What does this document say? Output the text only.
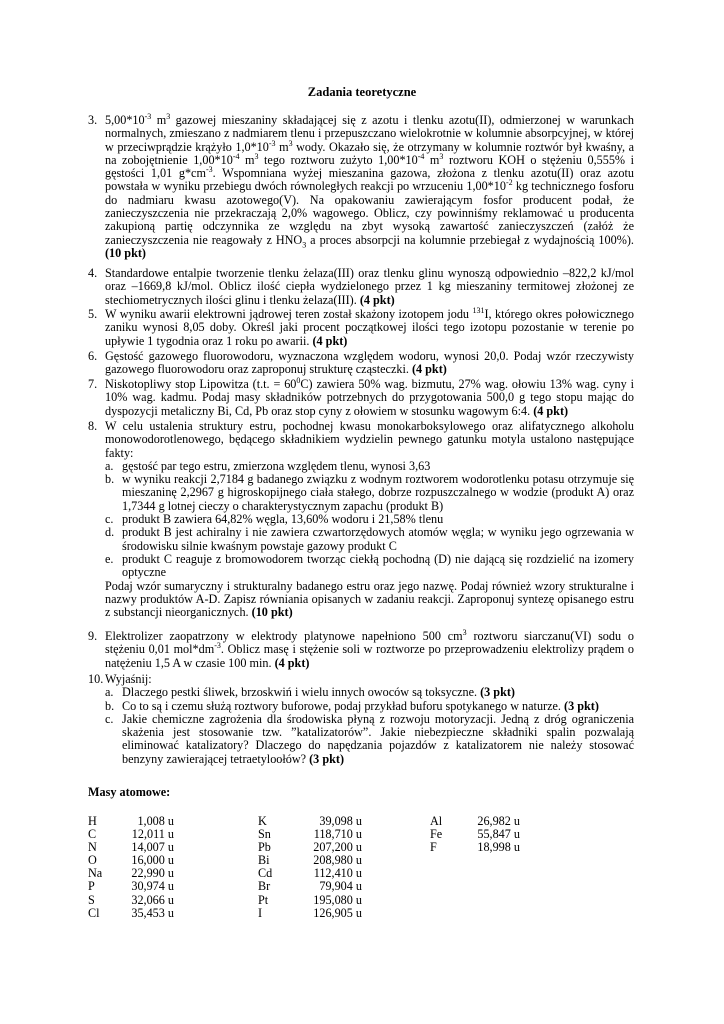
Zadania teoretyczne
3. $5,00*10^{-3}$ $m^3$ gazowej mieszaniny składającej się z azotu i tlenku azotu(II), odmierzonej w warunkach normalnych, zmieszano z nadmiarem tlenu i przepuszczano wielokrotnie w kolumnie absorpcyjnej, w której w przeciwprądzie krążyło $1,0*10^{-3}$ $m^3$ wody. Okazało się, że otrzymany w kolumnie roztwór był kwaśny, a na zobojętnienie $1,00*10^{-4}$ $m^3$ tego roztworu zużyto $1,00*10^{-4}$ $m^3$ roztworu KOH o stężeniu 0,555% i gęstości 1,01 $g*cm^{-3}$. Wspomniana wyżej mieszanina gazowa, złożona z tlenku azotu(II) oraz azotu powstała w wyniku przebiegu dwóch równoległych reakcji po wrzuceniu $1,00*10^{-2}$ kg technicznego fosforu do nadmiaru kwasu azotowego(V). Na opakowaniu zawierającym fosfor producent podał, że zanieczyszczenia nie przekraczają 2,0% wagowego. Oblicz, czy powinniśmy reklamować u producenta zakupioną partię odczynnika ze względu na zbyt wysoką zawartość zanieczyszczeń (załóż że zanieczyszczenia nie reagowały z $HNO_3$ a proces absorpcji na kolumnie przebiegał z wydajnością 100%). (10 pkt)
4. Standardowe entalpie tworzenie tlenku żelaza(III) oraz tlenku glinu wynoszą odpowiednio –822,2 kJ/mol oraz –1669,8 kJ/mol. Oblicz ilość ciepła wydzielonego przez 1 kg mieszaniny termitowej złożonej ze stechiometrycznych ilości glinu i tlenku żelaza(III). (4 pkt)
5. W wyniku awarii elektrowni jądrowej teren został skażony izotopem jodu $^{131}$I, którego okres połowicznego zaniku wynosi 8,05 doby. Określ jaki procent początkowej ilości tego izotopu pozostanie w terenie po upływie 1 tygodnia oraz 1 roku po awarii. (4 pkt)
6. Gęstość gazowego fluorowodoru, wyznaczona względem wodoru, wynosi 20,0. Podaj wzór rzeczywisty gazowego fluorowodoru oraz zaproponuj strukturę cząsteczki. (4 pkt)
7. Niskotopliwy stop Lipowitza (t.t. = $60^0C$) zawiera 50% wag. bizmutu, 27% wag. ołowiu 13% wag. cyny i 10% wag. kadmu. Podaj masy składników potrzebnych do przygotowania 500,0 g tego stopu mając do dyspozycji metaliczny Bi, Cd, Pb oraz stop cyny z ołowiem w stosunku wagowym 6:4. (4 pkt)
8. W celu ustalenia struktury estru, pochodnej kwasu monokarboksylowego oraz alifatycznego alkoholu monowodorotlenowego, będącego składnikiem wydzielin pewnego gatunku motyla ustalono następujące fakty:
a. gęstość par tego estru, zmierzona względem tlenu, wynosi 3,63
b. w wyniku reakcji 2,7184 g badanego związku z wodnym roztworem wodorotlenku potasu otrzymuje się mieszaninę 2,2967 g higroskopijnego ciała stałego, dobrze rozpuszczalnego w wodzie (produkt A) oraz 1,7344 g lotnej cieczy o charakterystycznym zapachu (produkt B)
c. produkt B zawiera 64,82% węgla, 13,60% wodoru i 21,58% tlenu
d. produkt B jest achiralny i nie zawiera czwartorzędowych atomów węgla; w wyniku jego ogrzewania w środowisku silnie kwaśnym powstaje gazowy produkt C
e. produkt C reaguje z bromowodorem tworząc ciekłą pochodną (D) nie dającą się rozdzielić na izomery optyczne
Podaj wzór sumaryczny i strukturalny badanego estru oraz jego nazwę. Podaj również wzory strukturalne i nazwy produktów A-D. Zapisz równiania opisanych w zadaniu reakcji. Zaproponuj syntezę opisanego estru z substancji nieorganicznych. (10 pkt)
9. Elektrolizer zaopatrzony w elektrody platynowe napełniono 500 $cm^3$ roztworu siarczanu(VI) sodu o stężeniu 0,01 $mol*dm^{-3}$. Oblicz masę i stężenie soli w roztworze po przeprowadzeniu elektrolizy prądem o natężeniu 1,5 A w czasie 100 min. (4 pkt)
10. Wyjaśnij:
a. Dlaczego pestki śliwek, brzoskwiń i wielu innych owoców są toksyczne. (3 pkt)
b. Co to są i czemu służą roztwory buforowe, podaj przykład buforu spotykanego w naturze. (3 pkt)
c. Jakie chemiczne zagrożenia dla środowiska płyną z rozwoju motoryzacji. Jedną z dróg ograniczenia skażenia jest stosowanie tzw. ”katalizatorów”. Jakie niebezpieczne składniki spalin pozwalają eliminować katalizatory? Dlaczego do napędzania pojazdów z katalizatorem nie należy stosować benzyny zawierającej tetraetyloołów? (3 pkt)
Masy atomowe:
H	1,008 u
C	12,011 u
N	14,007 u
O	16,000 u
Na 22,990 u
P	30,974 u
S	32,066 u
Cl	35,453 u
K	39,098 u
Sn	118,710 u
Pb	207,200 u
Bi	208,980 u
Cd	112,410 u
Br	79,904 u
Pt	195,080 u
I	126,905 u
Al	26,982 u
Fe	55,847 u
F	18,998 u
